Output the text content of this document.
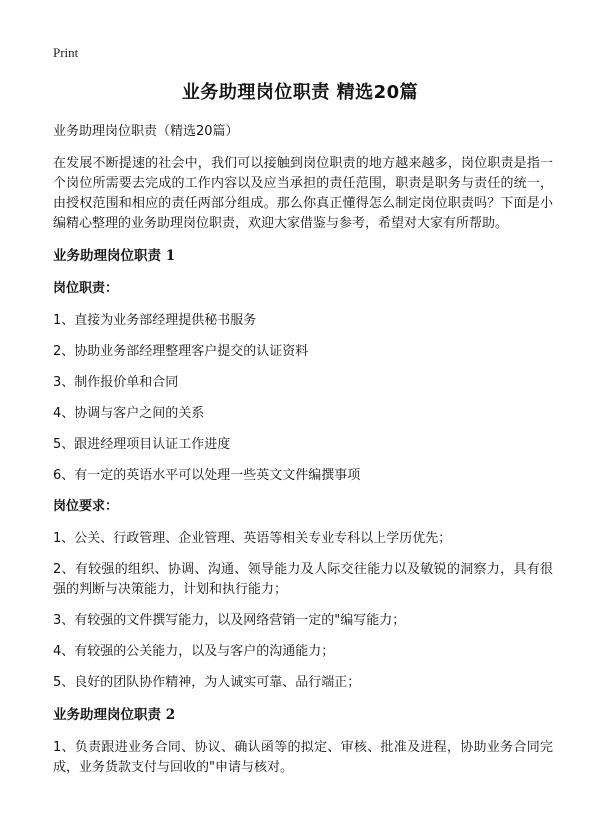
Print
业务助理岗位职责 精选20篇

业务助理岗位职责（精选20篇）

在发展不断提速的社会中，我们可以接触到岗位职责的地方越来越多，岗位职责是指一个岗位所需要去完成的工作内容以及应当承担的责任范围，职责是职务与责任的统一，由授权范围和相应的责任两部分组成。那么你真正懂得怎么制定岗位职责吗？下面是小编精心整理的业务助理岗位职责，欢迎大家借鉴与参考，希望对大家有所帮助。

业务助理岗位职责 1
岗位职责：

1、直接为业务部经理提供秘书服务

2、协助业务部经理整理客户提交的认证资料

3、制作报价单和合同

4、协调与客户之间的关系

5、跟进经理项目认证工作进度

6、有一定的英语水平可以处理一些英文文件编撰事项

岗位要求：

1、公关、行政管理、企业管理、英语等相关专业专科以上学历优先；

2、有较强的组织、协调、沟通、领导能力及人际交往能力以及敏锐的洞察力，具有很强的判断与决策能力，计划和执行能力；

3、有较强的文件撰写能力，以及网络营销一定的"编写能力；

4、有较强的公关能力，以及与客户的沟通能力；

5、良好的团队协作精神，为人诚实可靠、品行端正；

业务助理岗位职责 2

1、负责跟进业务合同、协议、确认函等的拟定、审核、批准及进程，协助业务合同完成，业务货款支付与回收的"申请与核对。
